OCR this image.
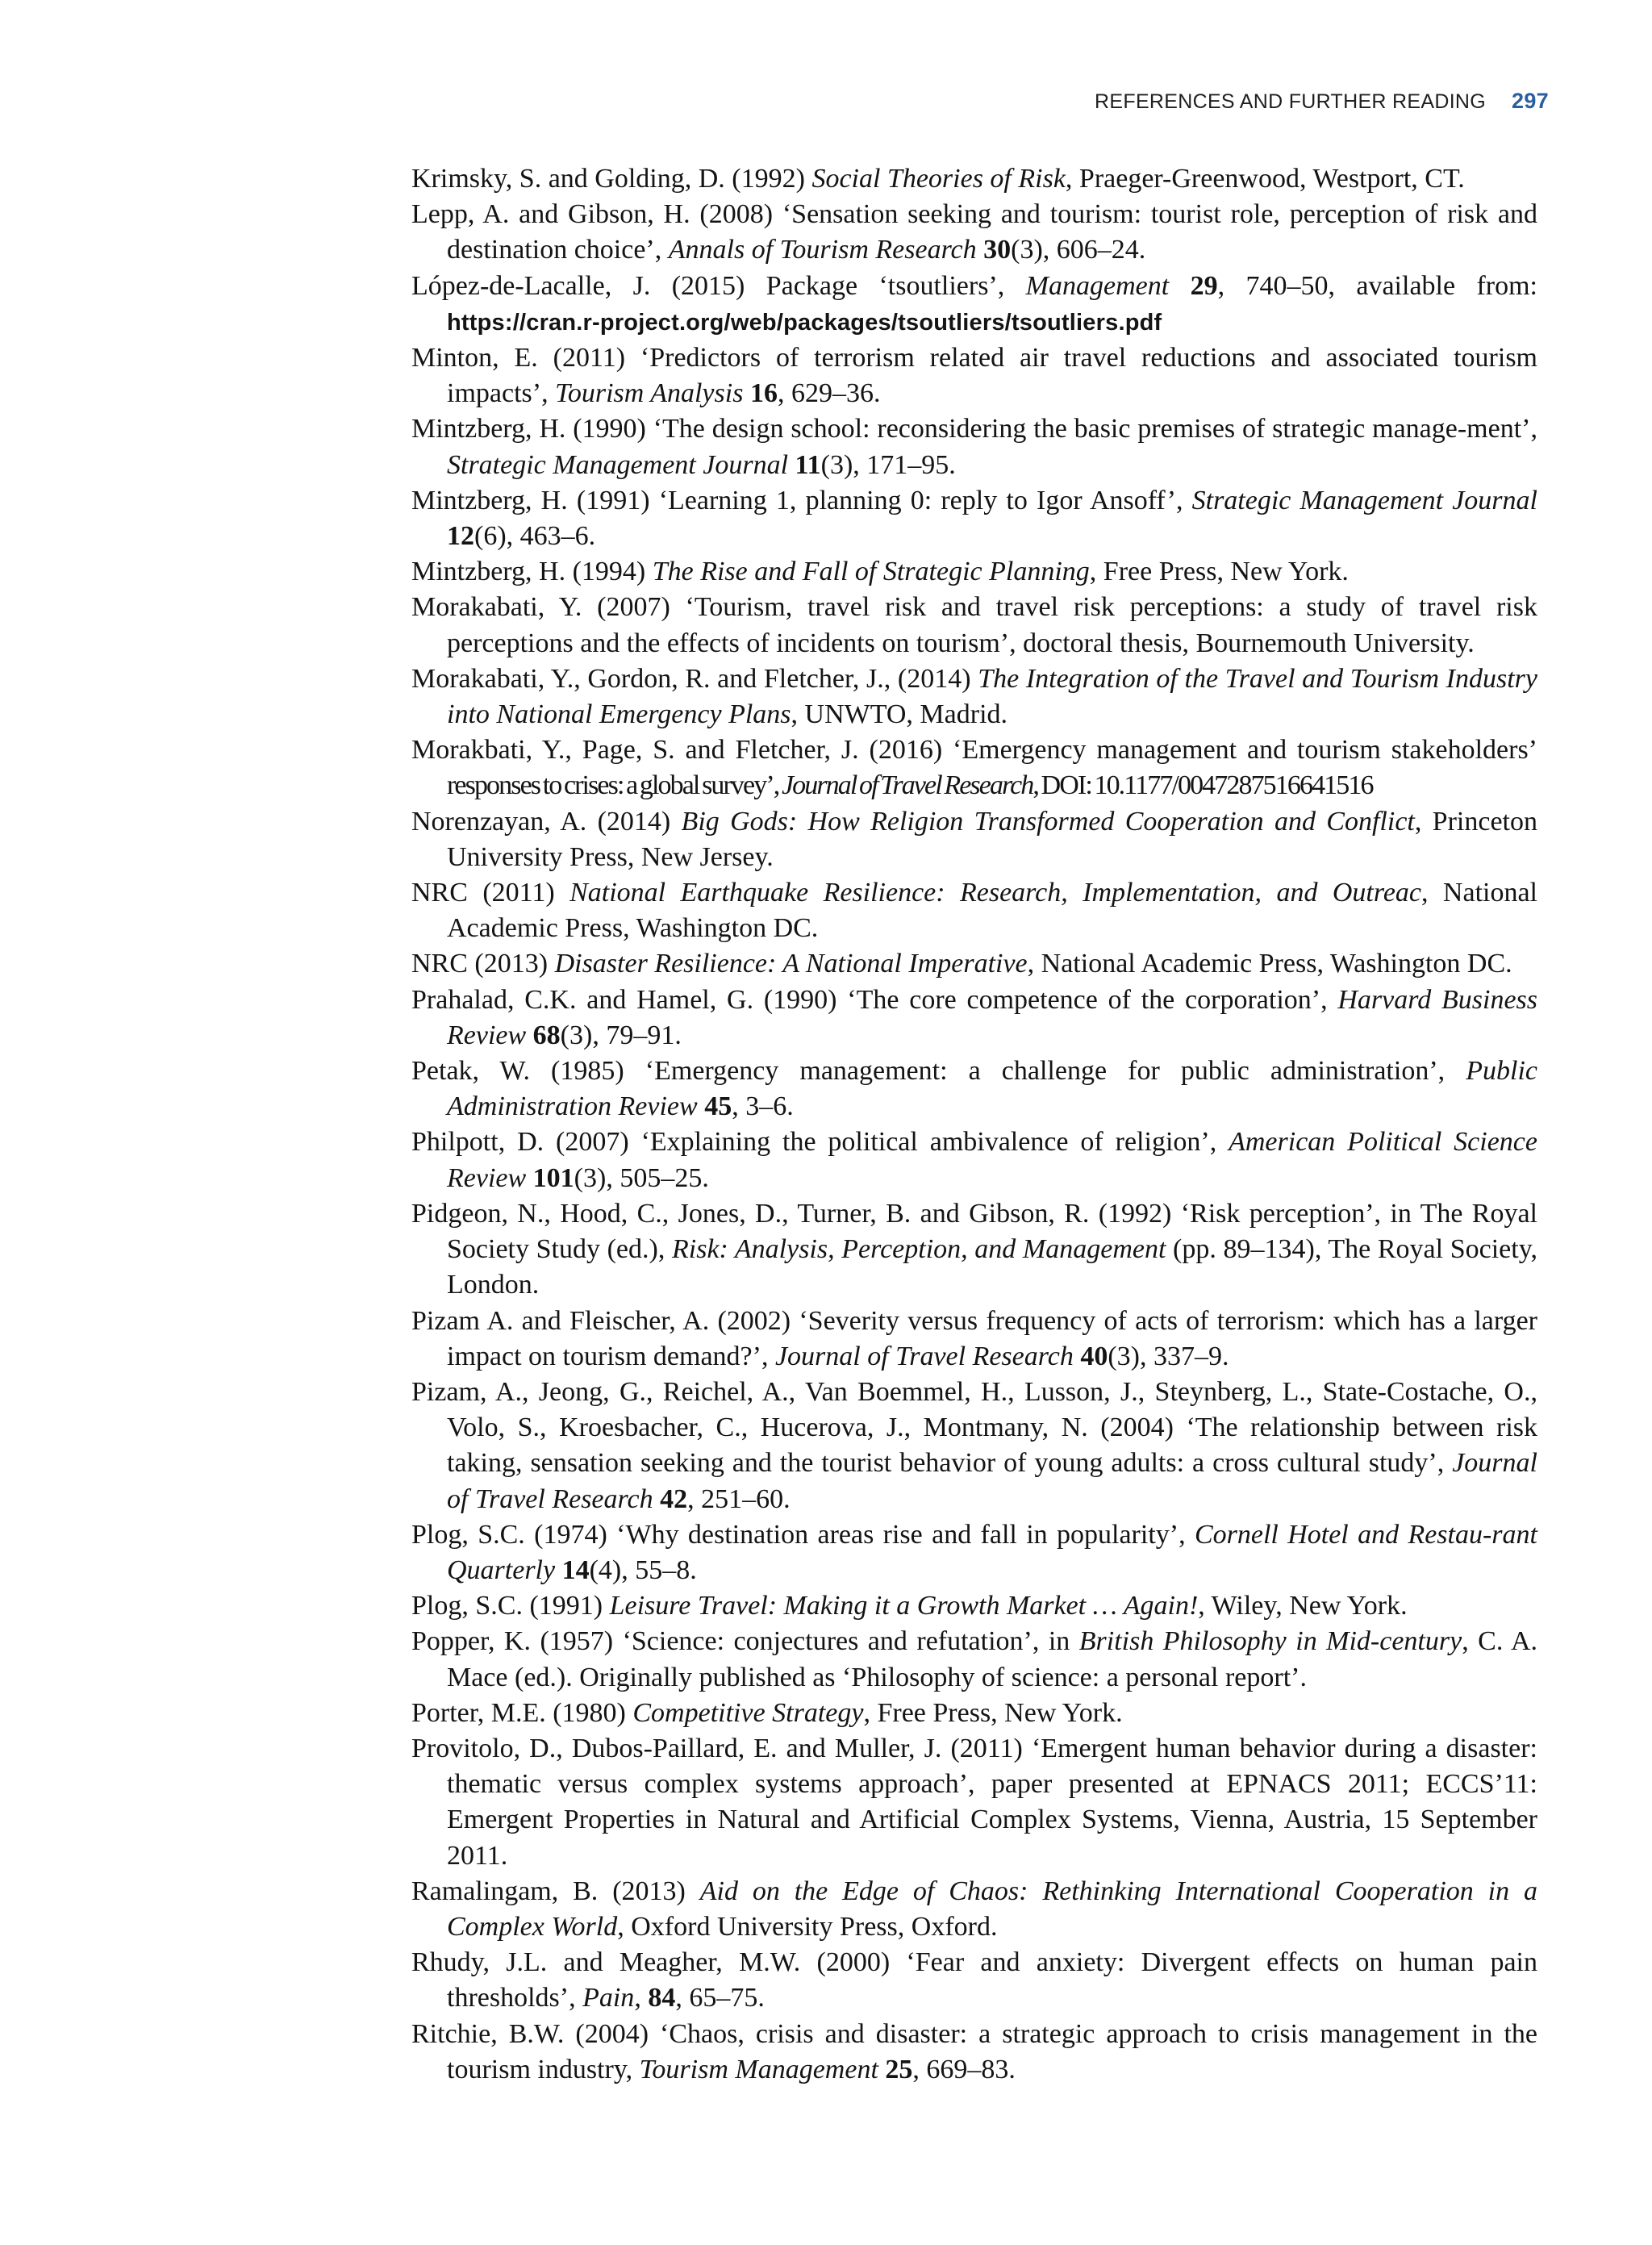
REFERENCES AND FURTHER READING 297

Krimsky, S. and Golding, D. (1992) Social Theories of Risk, Praeger-Greenwood, Westport, CT.

Lepp, A. and Gibson, H. (2008) ‘Sensation seeking and tourism: tourist role, perception of risk and destination choice’, Annals of Tourism Research 30(3), 606–24.

López-de-Lacalle, J. (2015) Package ‘tsoutliers’, Management 29, 740–50, available from: https://cran.r-project.org/web/packages/tsoutliers/tsoutliers.pdf

Minton, E. (2011) ‘Predictors of terrorism related air travel reductions and associated tourism impacts’, Tourism Analysis 16, 629–36.

Mintzberg, H. (1990) ‘The design school: reconsidering the basic premises of strategic manage-ment’, Strategic Management Journal 11(3), 171–95.

Mintzberg, H. (1991) ‘Learning 1, planning 0: reply to Igor Ansoff’, Strategic Management Journal 12(6), 463–6.

Mintzberg, H. (1994) The Rise and Fall of Strategic Planning, Free Press, New York.

Morakabati, Y. (2007) ‘Tourism, travel risk and travel risk perceptions: a study of travel risk perceptions and the effects of incidents on tourism’, doctoral thesis, Bournemouth University.

Morakabati, Y., Gordon, R. and Fletcher, J., (2014) The Integration of the Travel and Tourism Industry into National Emergency Plans, UNWTO, Madrid.

Morakbati, Y., Page, S. and Fletcher, J. (2016) ‘Emergency management and tourism stakeholders’ responses to crises: a global survey’, Journal of Travel Research, DOI: 10.1177/0047287516641516

Norenzayan, A. (2014) Big Gods: How Religion Transformed Cooperation and Conflict, Princeton University Press, New Jersey.

NRC (2011) National Earthquake Resilience: Research, Implementation, and Outreac, National Academic Press, Washington DC.

NRC (2013) Disaster Resilience: A National Imperative, National Academic Press, Washington DC.

Prahalad, C.K. and Hamel, G. (1990) ‘The core competence of the corporation’, Harvard Business Review 68(3), 79–91.

Petak, W. (1985) ‘Emergency management: a challenge for public administration’, Public Administration Review 45, 3–6.

Philpott, D. (2007) ‘Explaining the political ambivalence of religion’, American Political Science Review 101(3), 505–25.

Pidgeon, N., Hood, C., Jones, D., Turner, B. and Gibson, R. (1992) ‘Risk perception’, in The Royal Society Study (ed.), Risk: Analysis, Perception, and Management (pp. 89–134), The Royal Society, London.

Pizam A. and Fleischer, A. (2002) ‘Severity versus frequency of acts of terrorism: which has a larger impact on tourism demand?’, Journal of Travel Research 40(3), 337–9.

Pizam, A., Jeong, G., Reichel, A., Van Boemmel, H., Lusson, J., Steynberg, L., State-Costache, O., Volo, S., Kroesbacher, C., Hucerova, J., Montmany, N. (2004) ‘The relationship between risk taking, sensation seeking and the tourist behavior of young adults: a cross cultural study’, Journal of Travel Research 42, 251–60.

Plog, S.C. (1974) ‘Why destination areas rise and fall in popularity’, Cornell Hotel and Restau-rant Quarterly 14(4), 55–8.

Plog, S.C. (1991) Leisure Travel: Making it a Growth Market … Again!, Wiley, New York.

Popper, K. (1957) ‘Science: conjectures and refutation’, in British Philosophy in Mid-century, C. A. Mace (ed.). Originally published as ‘Philosophy of science: a personal report’.

Porter, M.E. (1980) Competitive Strategy, Free Press, New York.

Provitolo, D., Dubos-Paillard, E. and Muller, J. (2011) ‘Emergent human behavior during a disaster: thematic versus complex systems approach’, paper presented at EPNACS 2011; ECCS’11: Emergent Properties in Natural and Artificial Complex Systems, Vienna, Austria, 15 September 2011.

Ramalingam, B. (2013) Aid on the Edge of Chaos: Rethinking International Cooperation in a Complex World, Oxford University Press, Oxford.

Rhudy, J.L. and Meagher, M.W. (2000) ‘Fear and anxiety: Divergent effects on human pain thresholds’, Pain, 84, 65–75.

Ritchie, B.W. (2004) ‘Chaos, crisis and disaster: a strategic approach to crisis management in the tourism industry, Tourism Management 25, 669–83.
